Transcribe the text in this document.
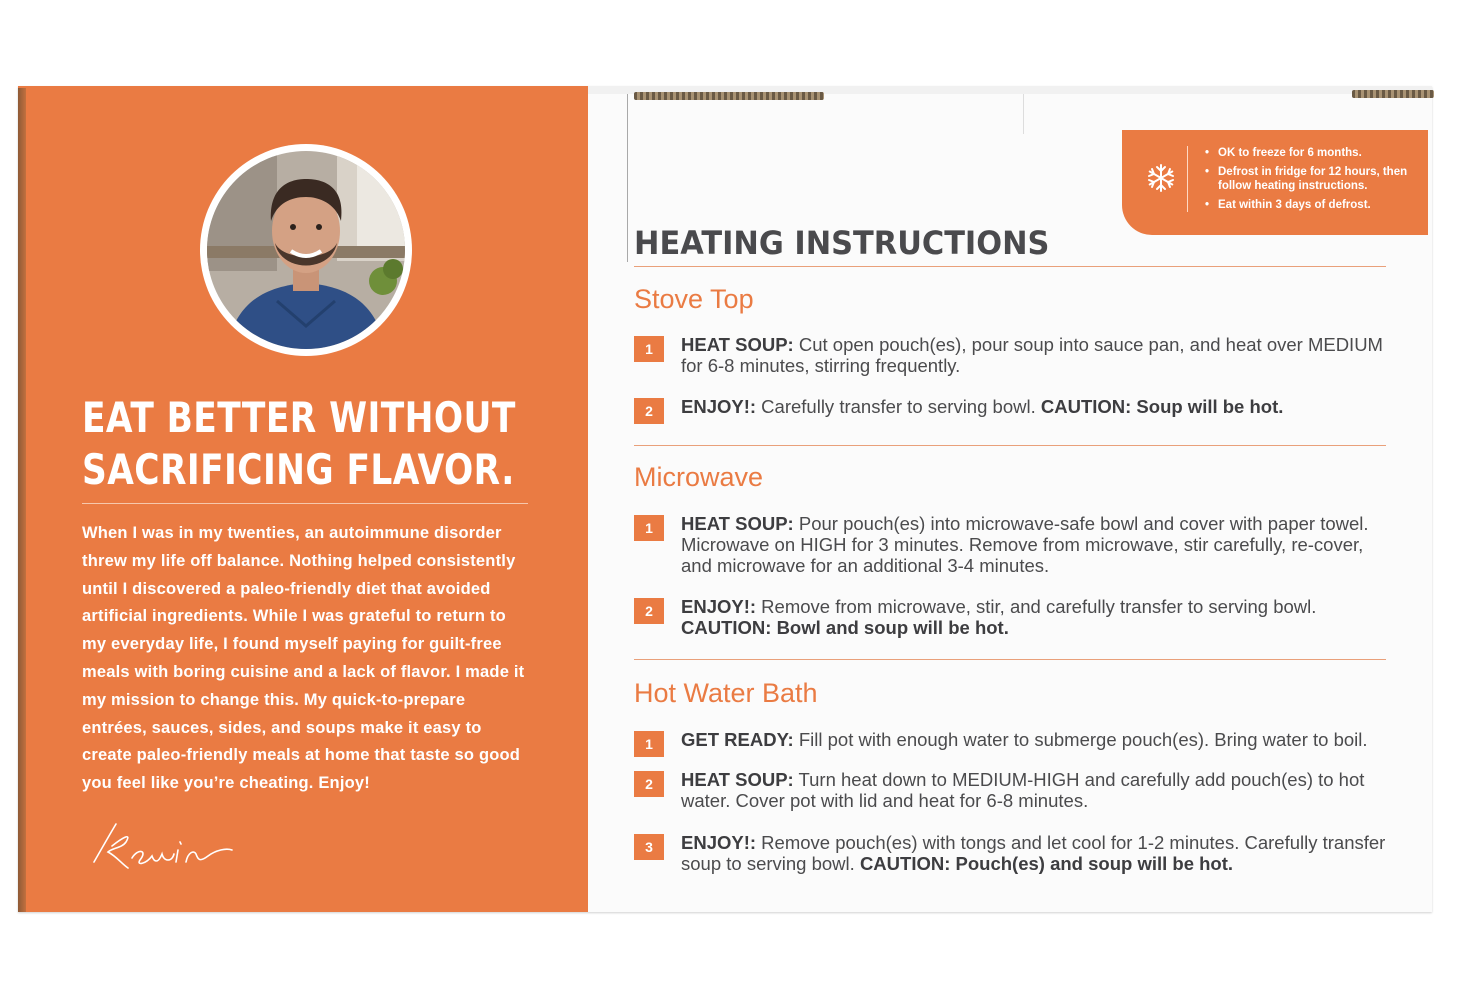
EAT BETTER WITHOUT
SACRIFICING FLAVOR.
When I was in my twenties, an autoimmune disorder threw my life off balance. Nothing helped consistently until I discovered a paleo-friendly diet that avoided artificial ingredients. While I was grateful to return to my everyday life, I found myself paying for guilt-free meals with boring cuisine and a lack of flavor. I made it my mission to change this. My quick-to-prepare entrées, sauces, sides, and soups make it easy to create paleo-friendly meals at home that taste so good you feel like you’re cheating. Enjoy!
• OK to freeze for 6 months.
• Defrost in fridge for 12 hours, then follow heating instructions.
• Eat within 3 days of defrost.
HEATING INSTRUCTIONS
Stove Top
1	HEAT SOUP: Cut open pouch(es), pour soup into sauce pan, and heat over MEDIUM for 6-8 minutes, stirring frequently.
2	ENJOY!: Carefully transfer to serving bowl. CAUTION: Soup will be hot.
Microwave
1	HEAT SOUP: Pour pouch(es) into microwave-safe bowl and cover with paper towel. Microwave on HIGH for 3 minutes. Remove from microwave, stir carefully, re-cover, and microwave for an additional 3-4 minutes.
2	ENJOY!: Remove from microwave, stir, and carefully transfer to serving bowl. CAUTION: Bowl and soup will be hot.
Hot Water Bath
1	GET READY: Fill pot with enough water to submerge pouch(es). Bring water to boil.
2	HEAT SOUP: Turn heat down to MEDIUM-HIGH and carefully add pouch(es) to hot water. Cover pot with lid and heat for 6-8 minutes.
3	ENJOY!: Remove pouch(es) with tongs and let cool for 1-2 minutes. Carefully transfer soup to serving bowl. CAUTION: Pouch(es) and soup will be hot.
